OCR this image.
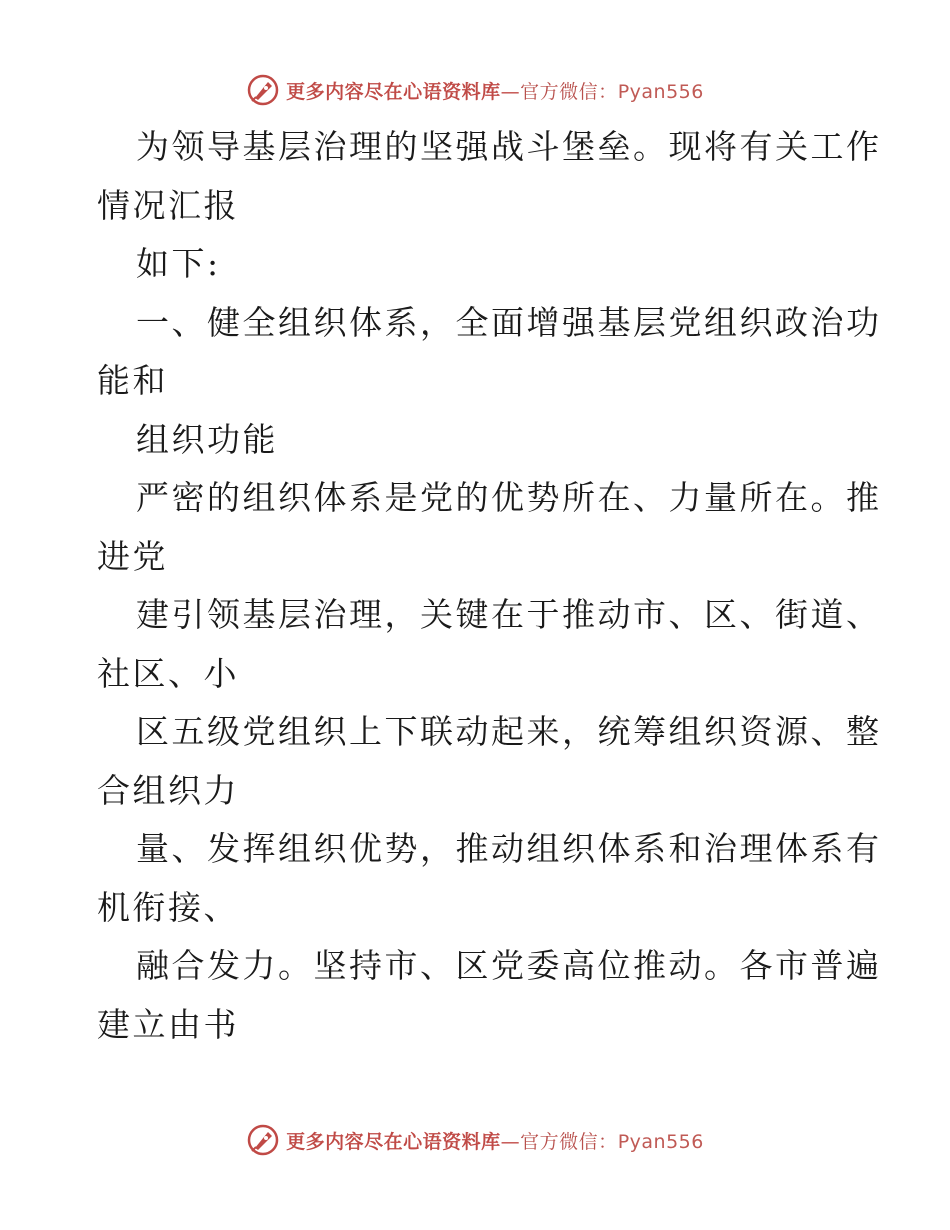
更多内容尽在心语资料库—官方微信：Pyan556
为领导基层治理的坚强战斗堡垒。现将有关工作
情况汇报
如下:
一、健全组织体系，全面增强基层党组织政治功
能和
组织功能
严密的组织体系是党的优势所在、力量所在。推
进党
建引领基层治理，关键在于推动市、区、街道、
社区、小
区五级党组织上下联动起来，统筹组织资源、整
合组织力
量、发挥组织优势，推动组织体系和治理体系有
机衔接、
融合发力。坚持市、区党委高位推动。各市普遍
建立由书
更多内容尽在心语资料库—官方微信：Pyan556
